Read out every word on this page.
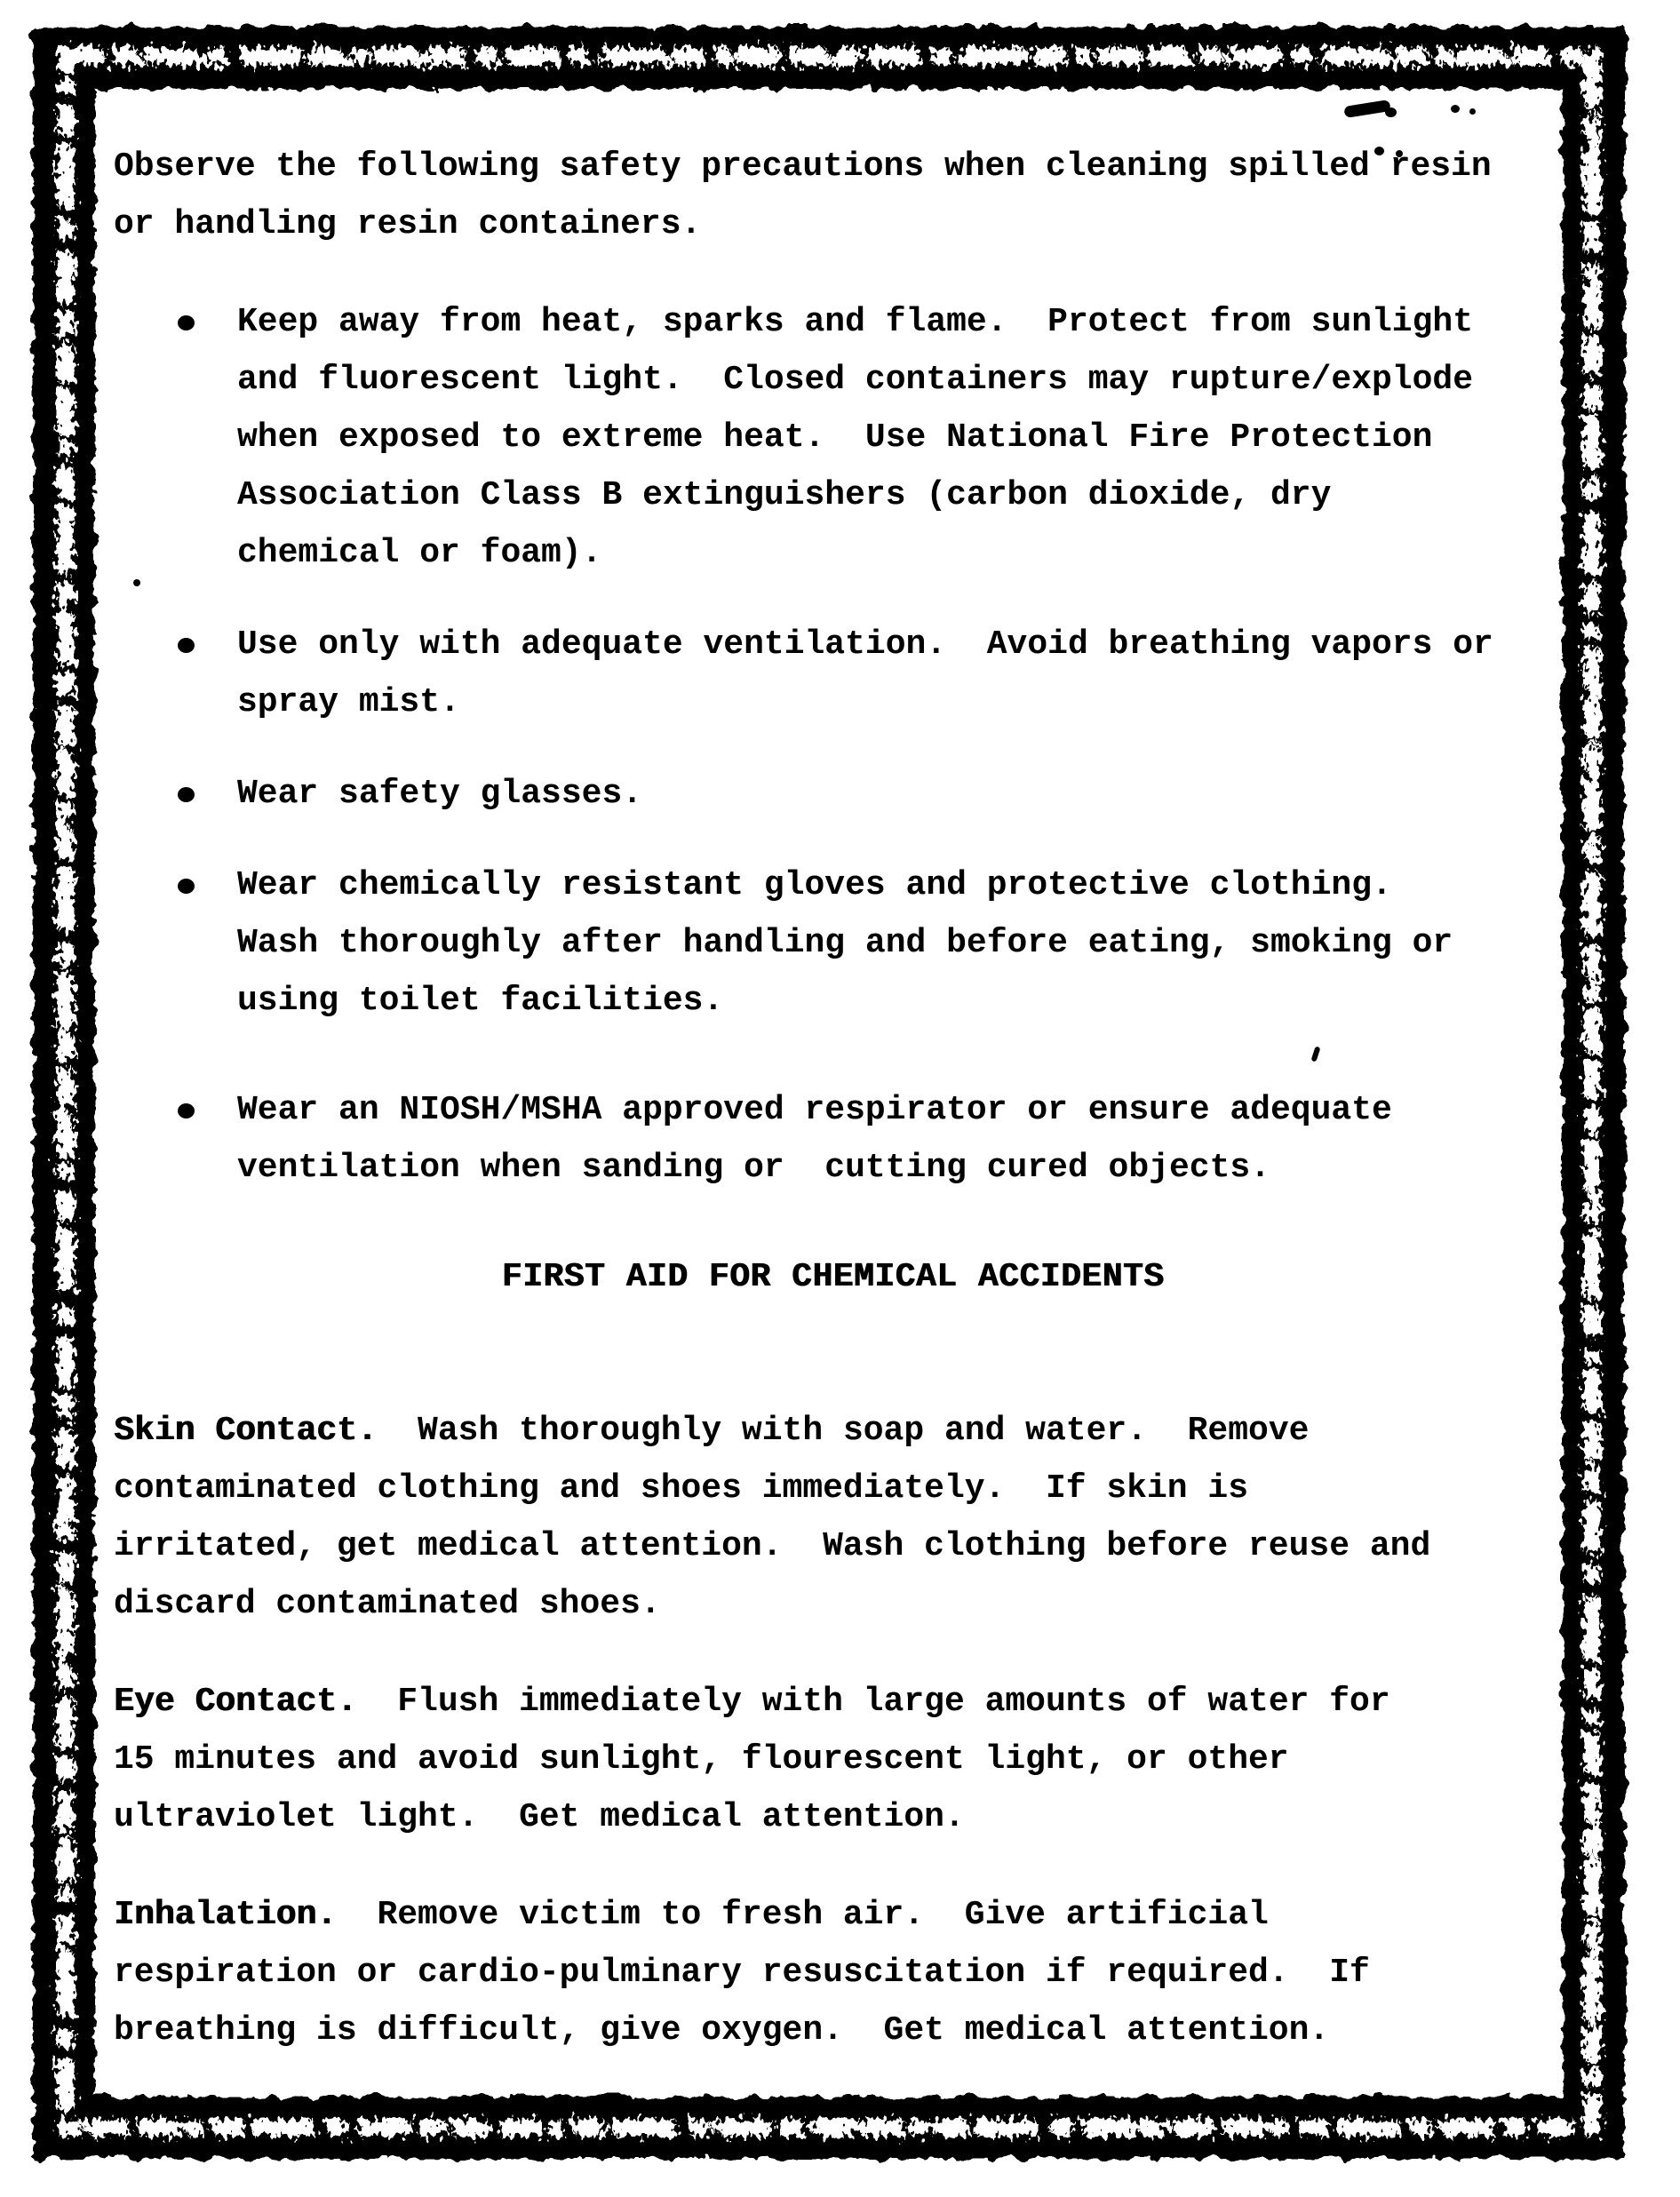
Observe the following safety precautions when cleaning spilled resin
or handling resin containers.
Keep away from heat, sparks and flame.  Protect from sunlight
and fluorescent light.  Closed containers may rupture/explode
when exposed to extreme heat.  Use National Fire Protection
Association Class B extinguishers (carbon dioxide, dry
chemical or foam).
Use only with adequate ventilation.  Avoid breathing vapors or
spray mist.
Wear safety glasses.
Wear chemically resistant gloves and protective clothing.
Wash thoroughly after handling and before eating, smoking or
using toilet facilities.
Wear an NIOSH/MSHA approved respirator or ensure adequate
ventilation when sanding or  cutting cured objects.
FIRST AID FOR CHEMICAL ACCIDENTS
Skin Contact.  Wash thoroughly with soap and water.  Remove
contaminated clothing and shoes immediately.  If skin is
irritated, get medical attention.  Wash clothing before reuse and
discard contaminated shoes.
Eye Contact.  Flush immediately with large amounts of water for
15 minutes and avoid sunlight, flourescent light, or other
ultraviolet light.  Get medical attention.
Inhalation.  Remove victim to fresh air.  Give artificial
respiration or cardio-pulminary resuscitation if required.  If
breathing is difficult, give oxygen.  Get medical attention.
